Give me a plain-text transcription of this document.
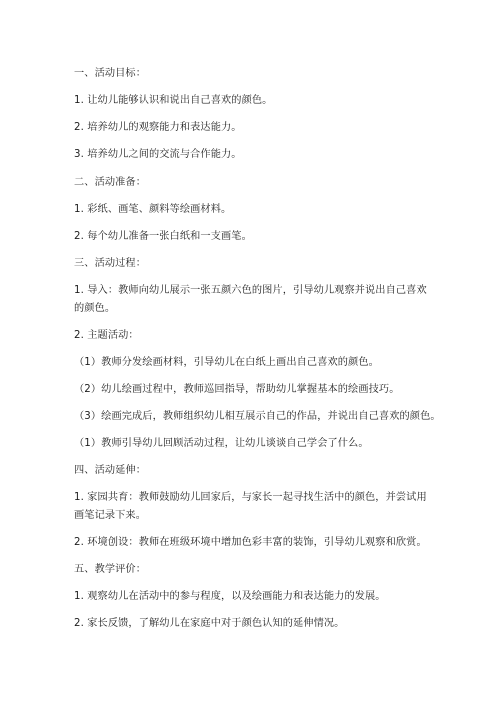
一、活动目标：
1. 让幼儿能够认识和说出自己喜欢的颜色。
2. 培养幼儿的观察能力和表达能力。
3. 培养幼儿之间的交流与合作能力。
二、活动准备：
1. 彩纸、画笔、颜料等绘画材料。
2. 每个幼儿准备一张白纸和一支画笔。
三、活动过程：
1. 导入：教师向幼儿展示一张五颜六色的图片，引导幼儿观察并说出自己喜欢
的颜色。
2. 主题活动：
（1）教师分发绘画材料，引导幼儿在白纸上画出自己喜欢的颜色。
（2）幼儿绘画过程中，教师巡回指导，帮助幼儿掌握基本的绘画技巧。
（3）绘画完成后，教师组织幼儿相互展示自己的作品，并说出自己喜欢的颜色。
（1）教师引导幼儿回顾活动过程，让幼儿谈谈自己学会了什么。
四、活动延伸：
1. 家园共育：教师鼓励幼儿回家后，与家长一起寻找生活中的颜色，并尝试用
画笔记录下来。
2. 环境创设：教师在班级环境中增加色彩丰富的装饰，引导幼儿观察和欣赏。
五、教学评价：
1. 观察幼儿在活动中的参与程度，以及绘画能力和表达能力的发展。
2. 家长反馈，了解幼儿在家庭中对于颜色认知的延伸情况。
